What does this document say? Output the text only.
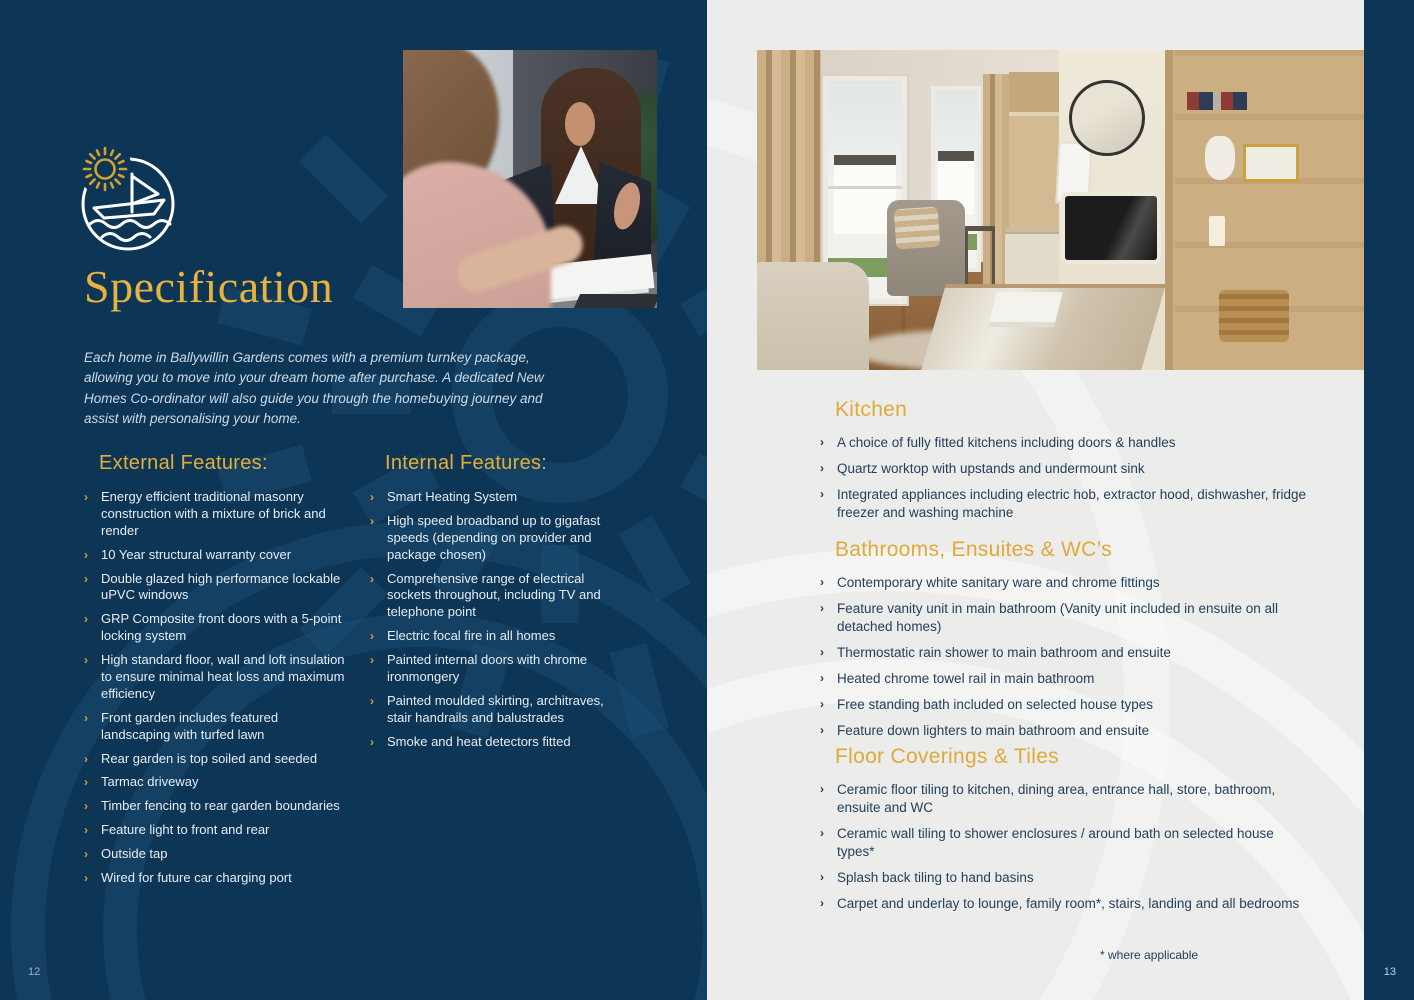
Specification

Each home in Ballywillin Gardens comes with a premium turnkey package, allowing you to move into your dream home after purchase. A dedicated New Homes Co-ordinator will also guide you through the homebuying journey and assist with personalising your home.

External Features:
›	Energy efficient traditional masonry construction with a mixture of brick and render
›	10 Year structural warranty cover
›	Double glazed high performance lockable uPVC windows
›	GRP Composite front doors with a 5-point locking system
›	High standard floor, wall and loft insulation to ensure minimal heat loss and maximum efficiency
›	Front garden includes featured landscaping with turfed lawn
›	Rear garden is top soiled and seeded
›	Tarmac driveway
›	Timber fencing to rear garden boundaries
›	Feature light to front and rear
›	Outside tap
›	Wired for future car charging port
Internal Features:
›	Smart Heating System
›	High speed broadband up to gigafast speeds (depending on provider and package chosen)
›	Comprehensive range of electrical sockets throughout, including TV and telephone point
›	Electric focal fire in all homes
›	Painted internal doors with chrome ironmongery
›	Painted moulded skirting, architraves, stair handrails and balustrades
›	Smoke and heat detectors fitted
12
Kitchen
› A choice of fully fitted kitchens including doors & handles
› Quartz worktop with upstands and undermount sink
› Integrated appliances including electric hob, extractor hood, dishwasher, fridge freezer and washing machine
Bathrooms, Ensuites & WC’s
› Contemporary white sanitary ware and chrome fittings
› Feature vanity unit in main bathroom (Vanity unit included in ensuite on all detached homes)
› Thermostatic rain shower to main bathroom and ensuite
› Heated chrome towel rail in main bathroom
› Free standing bath included on selected house types
› Feature down lighters to main bathroom and ensuite
Floor Coverings & Tiles
› Ceramic floor tiling to kitchen, dining area, entrance hall, store, bathroom, ensuite and WC
› Ceramic wall tiling to shower enclosures / around bath on selected house types*
› Splash back tiling to hand basins
› Carpet and underlay to lounge, family room*, stairs, landing and all bedrooms
* where applicable
13
